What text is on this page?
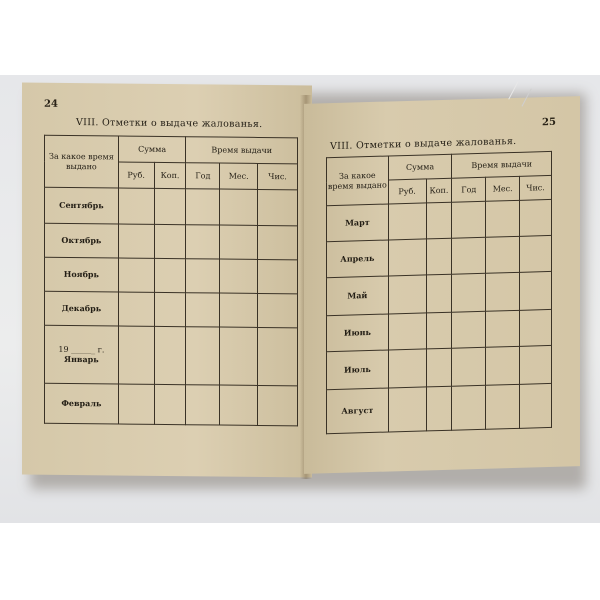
24
VIII. Отметки о выдаче жалованья.
За какое время выдано	Сумма		Время выдачи		
	Руб.	Коп.	Год	Мес.	Чис.
Сентябрь					
Октябрь					
Ноябрь					
Декабрь					

19 ______ г.
Январь					
Февраль					
25
VIII. Отметки о выдаче жалованья.
За какое время выдано	Сумма		Время выдачи		
	Руб.	Коп.	Год	Мес.	Чис.
Март					
Апрель					
Май					
Июнь					
Июль					
Август					
